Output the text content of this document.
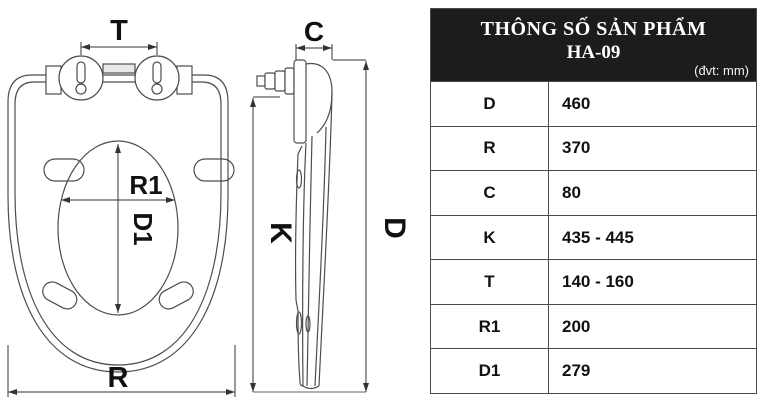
T
R1
D1
R
C
K	D
THÔNG SỐ SẢN PHẨM
HA-09
(đvt: mm)
D	460
R	370
C	80
K	435 - 445
T	140 - 160
R1	200
D1	279
